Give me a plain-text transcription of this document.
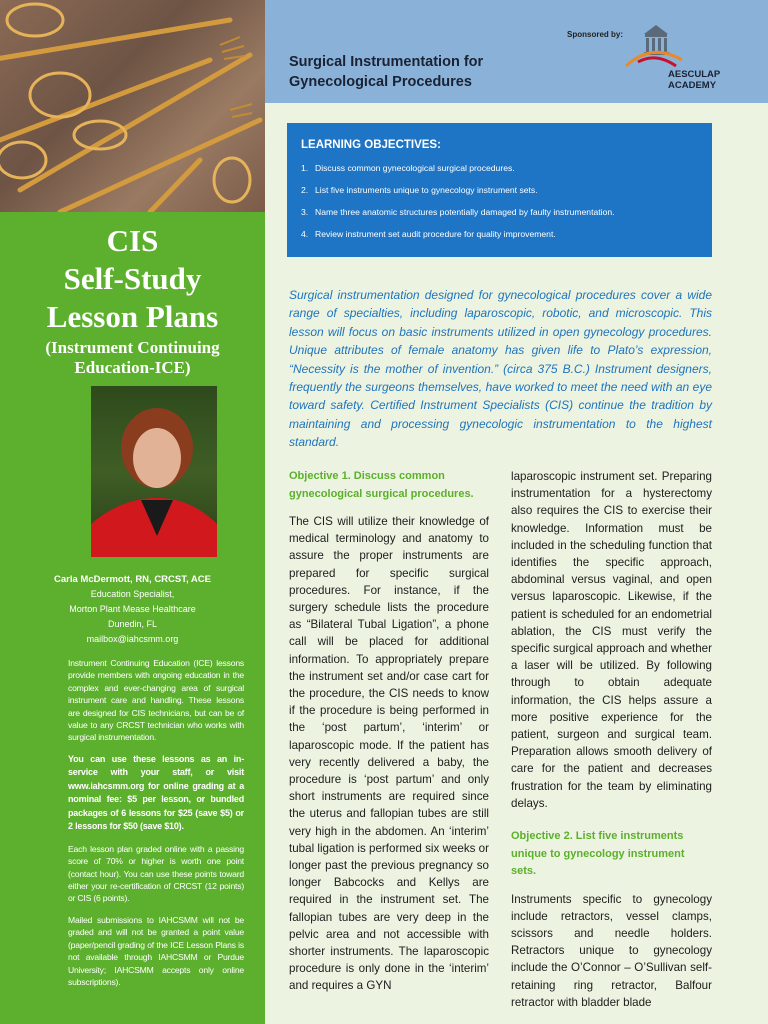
CIS
Self-Study
Lesson Plans
(Instrument Continuing
Education-ICE)
Carla McDermott, RN, CRCST, ACE
Education Specialist,
Morton Plant Mease Healthcare
Dunedin, FL
mailbox@iahcsmm.org

Instrument Continuing Education (ICE) lessons provide members with ongoing education in the complex and ever-changing area of surgical instrument care and handling. These lessons are designed for CIS technicians, but can be of value to any CRCST technician who works with surgical instrumentation.

You can use these lessons as an in-service with your staff, or visit www.iahcsmm.org for online grading at a nominal fee: $5 per lesson, or bundled packages of 6 lessons for $25 (save $5) or 2 lessons for $50 (save $10).

Each lesson plan graded online with a passing score of 70% or higher is worth one point (contact hour). You can use these points toward either your re-certification of CRCST (12 points) or CIS (6 points).

Mailed submissions to IAHCSMM will not be graded and will not be granted a point value (paper/pencil grading of the ICE Lesson Plans is not available through IAHCSMM or Purdue University; IAHCSMM accepts only online subscriptions).

Surgical Instrumentation for
Gynecological Procedures
Sponsored by:
AESCULAP
ACADEMY
LEARNING OBJECTIVES:
1. Discuss common gynecological surgical procedures.
2. List five instruments unique to gynecology instrument sets.
3. Name three anatomic structures potentially damaged by faulty instrumentation.
4. Review instrument set audit procedure for quality improvement.

Surgical instrumentation designed for gynecological procedures cover a wide range of specialties, including laparoscopic, robotic, and microscopic. This lesson will focus on basic instruments utilized in open gynecology procedures. Unique attributes of female anatomy has given life to Plato’s expression, “Necessity is the mother of invention.” (circa 375 B.C.) Instrument designers, frequently the surgeons themselves, have worked to meet the need with an eye toward safety. Certified Instrument Specialists (CIS) continue the tradition by maintaining and processing gynecologic instrumentation to the highest standard.

Objective 1. Discuss common
gynecological surgical procedures.

The CIS will utilize their knowledge of medical terminology and anatomy to assure the proper instruments are prepared for specific surgical procedures. For instance, if the surgery schedule lists the procedure as “Bilateral Tubal Ligation”, a phone call will be placed for additional information. To appropriately prepare the instrument set and/or case cart for the procedure, the CIS needs to know if the procedure is being performed in the ‘post partum’, ‘interim’ or laparoscopic mode. If the patient has very recently delivered a baby, the procedure is ‘post partum’ and only short instruments are required since the uterus and fallopian tubes are still very high in the abdomen. An ‘interim’ tubal ligation is performed six weeks or longer past the previous pregnancy so longer Babcocks and Kellys are required in the instrument set. The fallopian tubes are very deep in the pelvic area and not accessible with shorter instruments. The laparoscopic procedure is only done in the ‘interim’ and requires a GYN

laparoscopic instrument set. Preparing instrumentation for a hysterectomy also requires the CIS to exercise their knowledge. Information must be included in the scheduling function that identifies the specific approach, abdominal versus vaginal, and open versus laparoscopic. Likewise, if the patient is scheduled for an endometrial ablation, the CIS must verify the specific surgical approach and whether a laser will be utilized. By following through to obtain adequate information, the CIS helps assure a more positive experience for the patient, surgeon and surgical team. Preparation allows smooth delivery of care for the patient and decreases frustration for the team by eliminating delays.

Objective 2. List five instruments
unique to gynecology instrument sets.

Instruments specific to gynecology include retractors, vessel clamps, scissors and needle holders. Retractors unique to gynecology include the O’Connor – O’Sullivan self-retaining ring retractor, Balfour retractor with bladder blade
